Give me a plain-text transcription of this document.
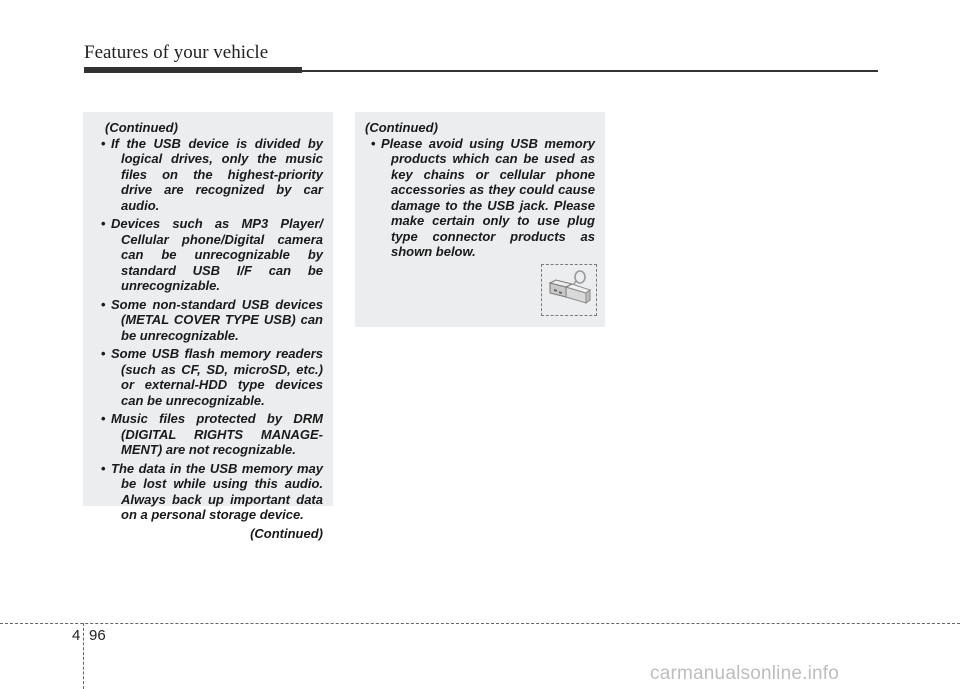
Features of your vehicle
(Continued)
• If the USB device is divided by logical drives, only the music files on the highest-priority drive are recognized by car audio.
• Devices such as MP3 Player/ Cellular phone/Digital camera can be unrecognizable by standard USB I/F can be unrecognizable.
• Some non-standard USB devices (METAL COVER TYPE USB) can be unrecognizable.
• Some USB flash memory readers (such as CF, SD, microSD, etc.) or external-HDD type devices can be unrecognizable.
• Music files protected by DRM (DIGITAL RIGHTS MANAGE-MENT) are not recognizable.
• The data in the USB memory may be lost while using this audio. Always back up important data on a personal storage device.
(Continued)
(Continued)
• Please avoid using USB memory products which can be used as key chains or cellular phone accessories as they could cause damage to the USB jack. Please make certain only to use plug type connector products as shown below.
4 96
carmanualsonline.info
